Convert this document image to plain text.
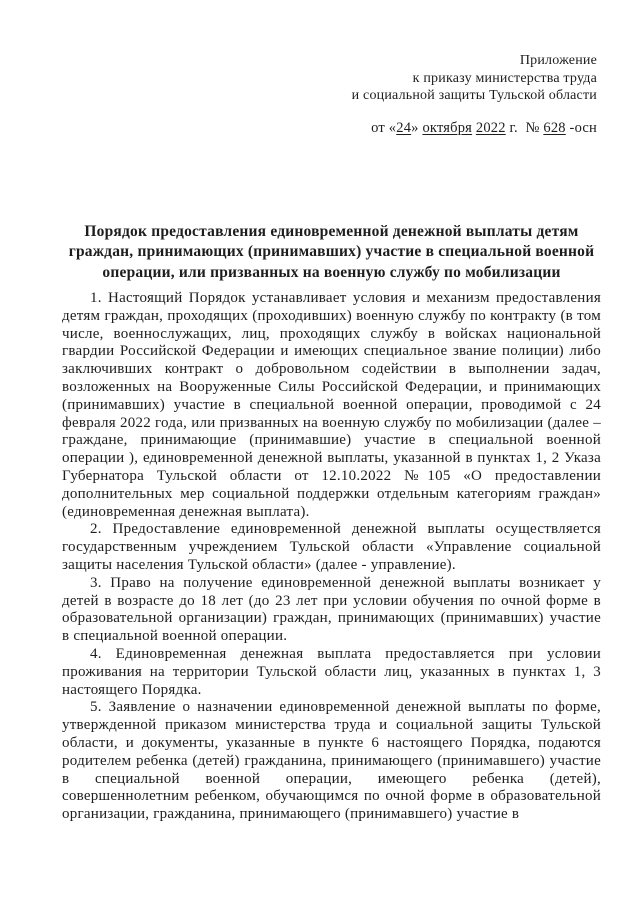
Приложение
к приказу министерства труда
и социальной защиты Тульской области
от «24» октября 2022 г.  № 628 -осн
Порядок предоставления единовременной денежной выплаты детям
граждан, принимающих (принимавших) участие в специальной военной
операции, или призванных на военную службу по мобилизации

1. Настоящий Порядок устанавливает условия и механизм предоставления детям граждан, проходящих (проходивших) военную службу по контракту (в том числе, военнослужащих, лиц, проходящих службу в войсках национальной гвардии Российской Федерации и имеющих специальное звание полиции) либо заключивших контракт о добровольном содействии в выполнении задач, возложенных на Вооруженные Силы Российской Федерации, и принимающих (принимавших) участие в специальной военной операции, проводимой с 24 февраля 2022 года, или призванных на военную службу по мобилизации (далее – граждане, принимающие (принимавшие) участие в специальной военной операции ), единовременной денежной выплаты, указанной в пунктах 1, 2 Указа Губернатора Тульской области от 12.10.2022 №105 «О предоставлении дополнительных мер социальной поддержки отдельным категориям граждан» (единовременная денежная выплата).

2. Предоставление единовременной денежной выплаты осуществляется государственным учреждением Тульской области «Управление социальной защиты населения Тульской области» (далее - управление).

3. Право на получение единовременной денежной выплаты возникает у детей в возрасте до 18 лет (до 23 лет при условии обучения по очной форме в образовательной организации) граждан, принимающих (принимавших) участие в специальной военной операции.

4. Единовременная денежная выплата предоставляется при условии проживания на территории Тульской области лиц, указанных в пунктах 1, 3 настоящего Порядка.

5. Заявление о назначении единовременной денежной выплаты по форме, утвержденной приказом министерства труда и социальной защиты Тульской области, и документы, указанные в пункте 6 настоящего Порядка, подаются родителем ребенка (детей) гражданина, принимающего (принимавшего) участие в специальной военной операции, имеющего ребенка (детей), совершеннолетним ребенком, обучающимся по очной форме в образовательной организации, гражданина, принимающего (принимавшего) участие в
